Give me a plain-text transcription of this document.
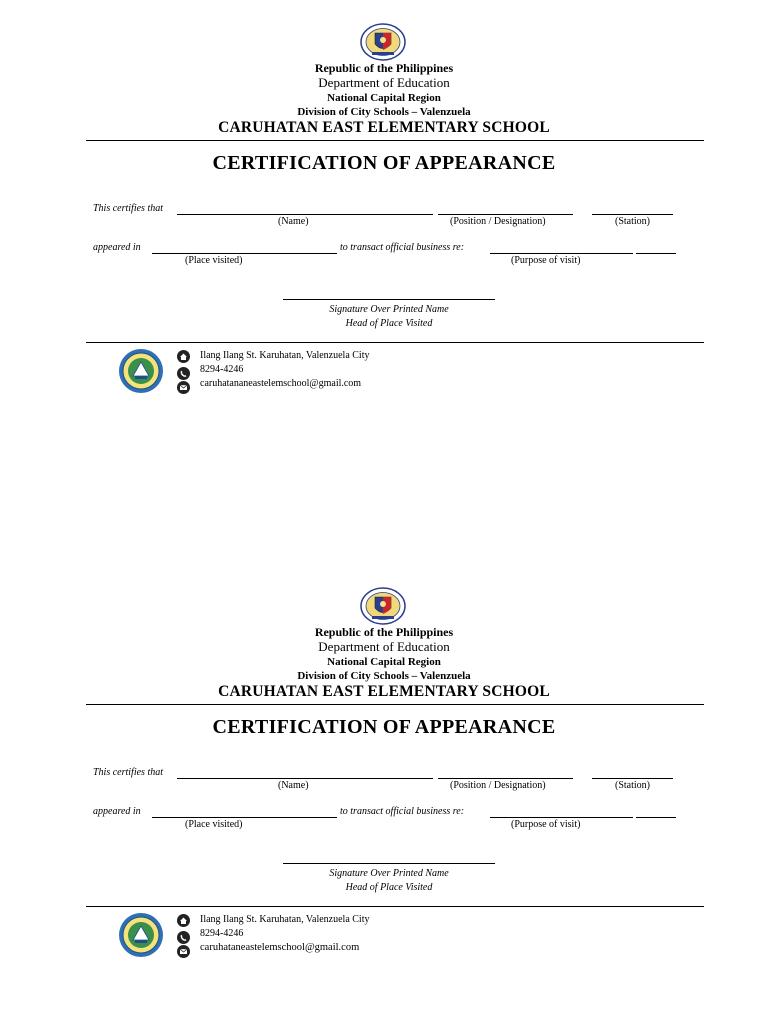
Republic of the Philippines
Department of Education
National Capital Region
Division of City Schools – Valenzuela
CARUHATAN EAST ELEMENTARY SCHOOL
CERTIFICATION OF APPEARANCE
This certifies that
(Name)	(Position / Designation)	(Station)
appeared in	to transact official business re:
(Place visited)	(Purpose of visit)
Signature Over Printed Name
Head of Place Visited
Ilang Ilang St. Karuhatan, Valenzuela City
8294-4246
caruhatananeastelemschool@gmail.com
Republic of the Philippines
Department of Education
National Capital Region
Division of City Schools – Valenzuela
CARUHATAN EAST ELEMENTARY SCHOOL
CERTIFICATION OF APPEARANCE
This certifies that
(Name)	(Position / Designation)	(Station)
appeared in	to transact official business re:
(Place visited)	(Purpose of visit)
Signature Over Printed Name
Head of Place Visited
Ilang Ilang St. Karuhatan, Valenzuela City
8294-4246
caruhataneastelemschool@gmail.com
